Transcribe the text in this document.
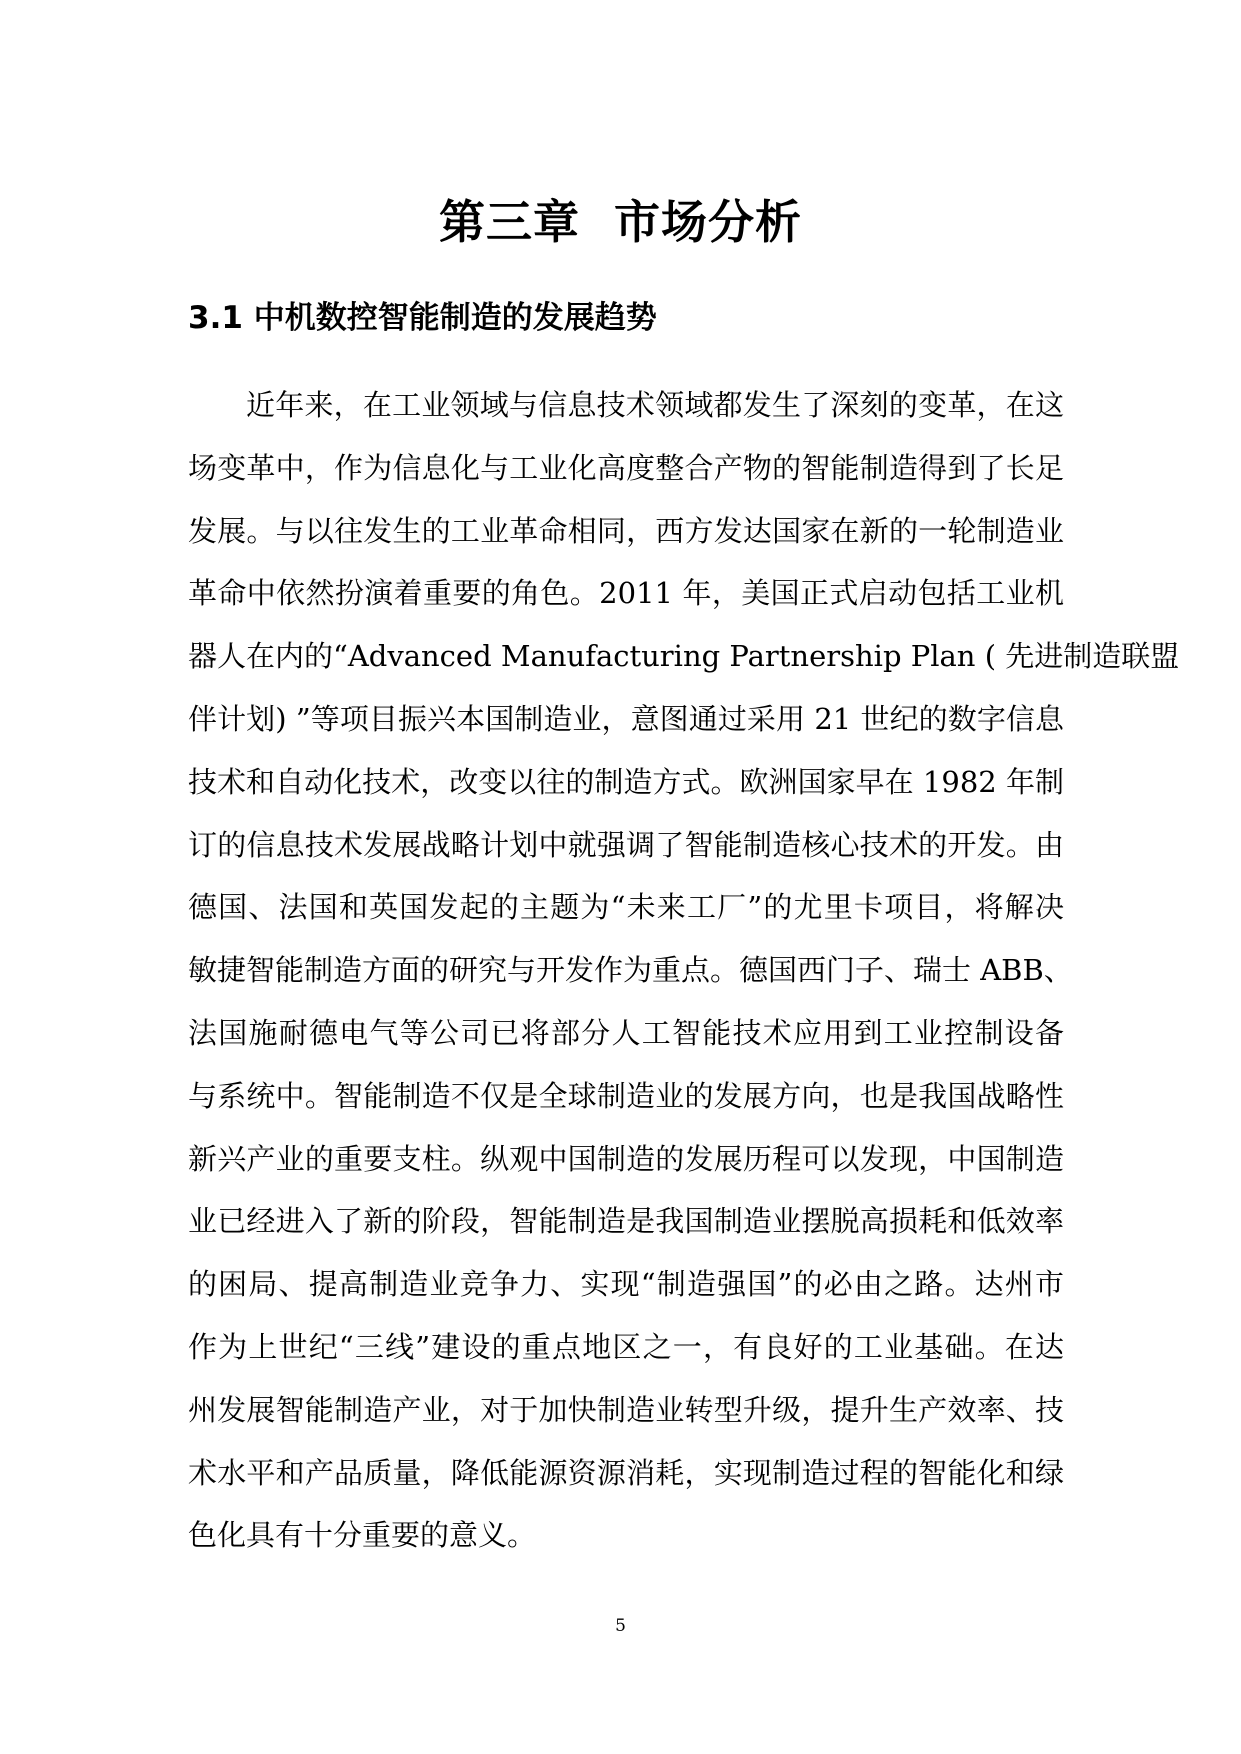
第三章  市场分析
3.1 中机数控智能制造的发展趋势
近年来，在工业领域与信息技术领域都发生了深刻的变革，在这
场变革中，作为信息化与工业化高度整合产物的智能制造得到了长足
发展。与以往发生的工业革命相同，西方发达国家在新的一轮制造业
革命中依然扮演着重要的角色。2011 年，美国正式启动包括工业机
器人在内的“Advanced Manufacturing Partnership Plan ( 先进制造联盟
伴计划) ”等项目振兴本国制造业，意图通过采用 21 世纪的数字信息
技术和自动化技术，改变以往的制造方式。欧洲国家早在 1982 年制
订的信息技术发展战略计划中就强调了智能制造核心技术的开发。由
德国、法国和英国发起的主题为“未来工厂”的尤里卡项目，将解决
敏捷智能制造方面的研究与开发作为重点。德国西门子、瑞士 ABB、
法国施耐德电气等公司已将部分人工智能技术应用到工业控制设备
与系统中。智能制造不仅是全球制造业的发展方向，也是我国战略性
新兴产业的重要支柱。纵观中国制造的发展历程可以发现，中国制造
业已经进入了新的阶段，智能制造是我国制造业摆脱高损耗和低效率
的困局、提高制造业竞争力、实现“制造强国”的必由之路。达州市
作为上世纪“三线”建设的重点地区之一，有良好的工业基础。在达
州发展智能制造产业，对于加快制造业转型升级，提升生产效率、技
术水平和产品质量，降低能源资源消耗，实现制造过程的智能化和绿
色化具有十分重要的意义。
5
